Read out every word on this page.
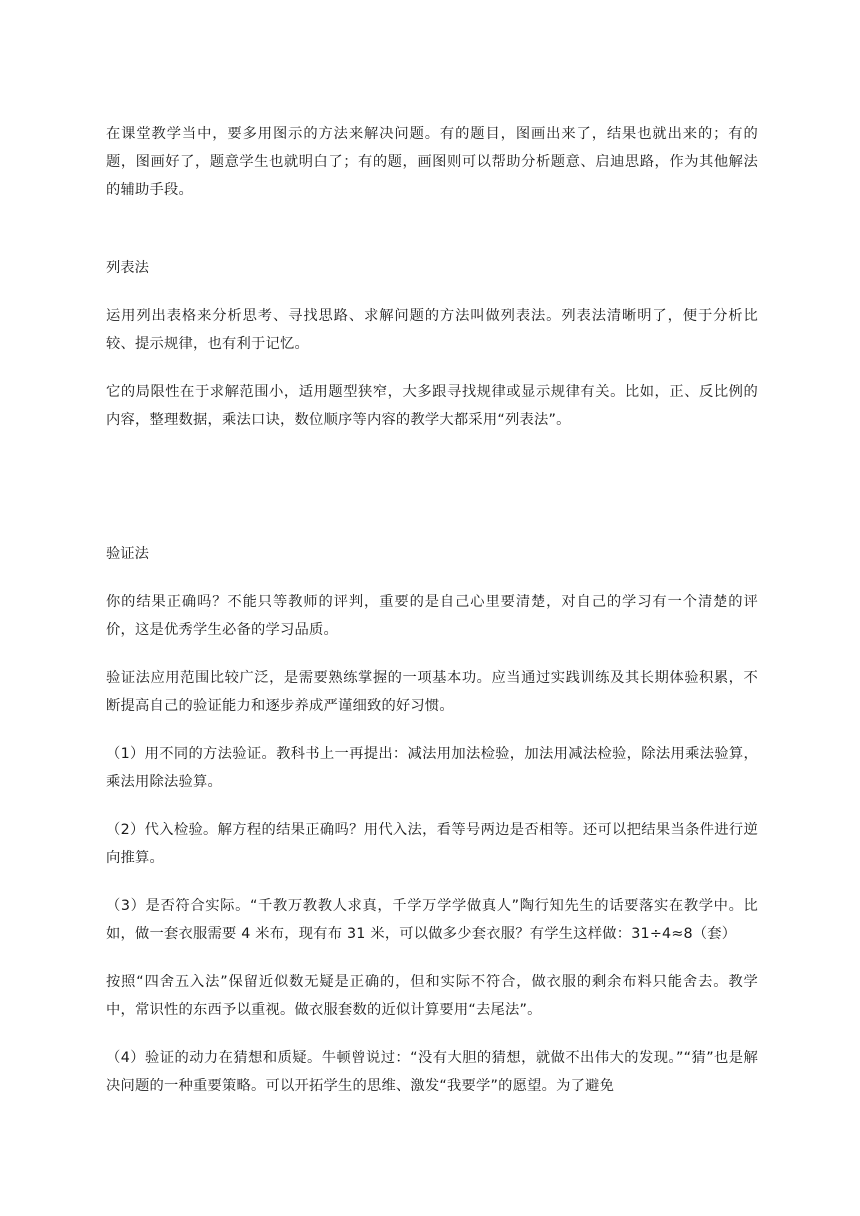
在课堂教学当中，要多用图示的方法来解决问题。有的题目，图画出来了，结果也就出来的；有的题，图画好了，题意学生也就明白了；有的题，画图则可以帮助分析题意、启迪思路，作为其他解法的辅助手段。

列表法

运用列出表格来分析思考、寻找思路、求解问题的方法叫做列表法。列表法清晰明了，便于分析比较、提示规律，也有利于记忆。

它的局限性在于求解范围小，适用题型狭窄，大多跟寻找规律或显示规律有关。比如，正、反比例的内容，整理数据，乘法口诀，数位顺序等内容的教学大都采用“列表法”。

验证法

你的结果正确吗？不能只等教师的评判，重要的是自己心里要清楚，对自己的学习有一个清楚的评价，这是优秀学生必备的学习品质。

验证法应用范围比较广泛，是需要熟练掌握的一项基本功。应当通过实践训练及其长期体验积累，不断提高自己的验证能力和逐步养成严谨细致的好习惯。

（1）用不同的方法验证。教科书上一再提出：减法用加法检验，加法用减法检验，除法用乘法验算，乘法用除法验算。

（2）代入检验。解方程的结果正确吗？用代入法，看等号两边是否相等。还可以把结果当条件进行逆向推算。

（3）是否符合实际。“千教万教教人求真，千学万学学做真人”陶行知先生的话要落实在教学中。比如，做一套衣服需要 4 米布，现有布 31 米，可以做多少套衣服？有学生这样做：31÷4≈8（套）

按照“四舍五入法”保留近似数无疑是正确的，但和实际不符合，做衣服的剩余布料只能舍去。教学中，常识性的东西予以重视。做衣服套数的近似计算要用“去尾法”。

（4）验证的动力在猜想和质疑。牛顿曾说过：“没有大胆的猜想，就做不出伟大的发现。”“猜”也是解决问题的一种重要策略。可以开拓学生的思维、激发“我要学”的愿望。为了避免
